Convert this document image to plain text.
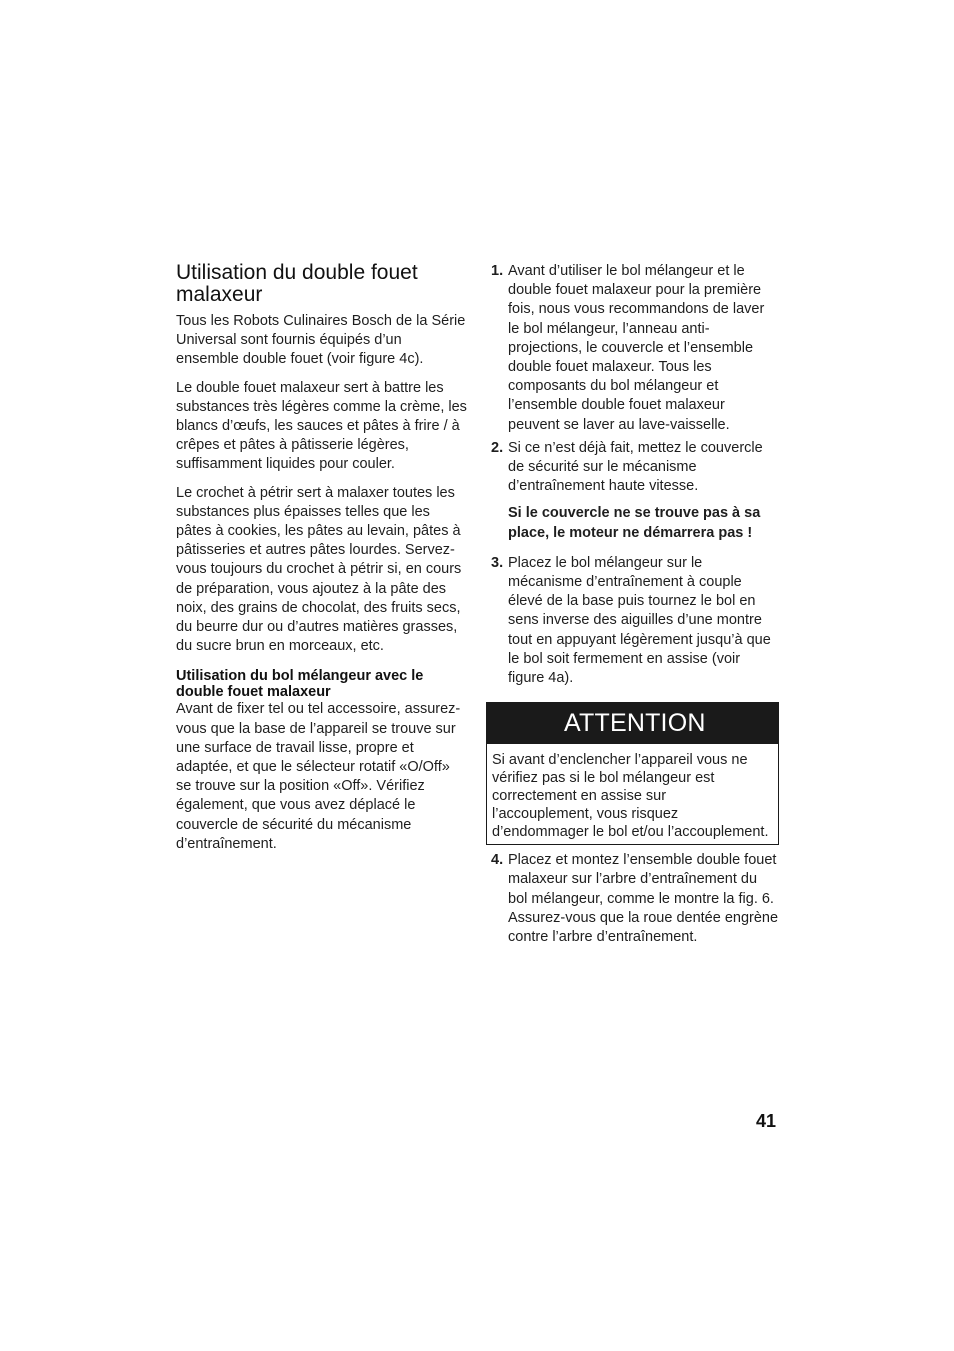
Utilisation du double fouet malaxeur

Tous les Robots Culinaires Bosch de la Série Universal sont fournis équipés d’un ensemble double fouet (voir figure 4c).

Le double fouet malaxeur sert à battre les substances très légères comme la crème, les blancs d’œufs, les sauces et pâtes à frire / à crêpes et pâtes à pâtisserie légères, suffisamment liquides pour couler.

Le crochet à pétrir sert à malaxer toutes les substances plus épaisses telles que les pâtes à cookies, les pâtes au levain, pâtes à pâtisseries et autres pâtes lourdes. Servez-vous toujours du crochet à pétrir si, en cours de préparation, vous ajoutez à la pâte des noix, des grains de chocolat, des fruits secs, du beurre dur ou d’autres matières grasses, du sucre brun en morceaux, etc.

Utilisation du bol mélangeur avec le double fouet malaxeur

Avant de fixer tel ou tel accessoire, assurez-vous que la base de l’appareil se trouve sur une surface de travail lisse, propre et adaptée, et que le sélecteur rotatif «O/Off» se trouve sur la position «Off». Vérifiez également, que vous avez déplacé le couvercle de sécurité du mécanisme d’entraînement.

1. Avant d’utiliser le bol mélangeur et le double fouet malaxeur pour la première fois, nous vous recommandons de laver le bol mélangeur, l’anneau anti-projections, le couvercle et l’ensemble double fouet malaxeur. Tous les composants du bol mélangeur et l’ensemble double fouet malaxeur peuvent se laver au lave-vaisselle.
2. Si ce n’est déjà fait, mettez le couvercle de sécurité sur le mécanisme d’entraînement haute vitesse.
Si le couvercle ne se trouve pas à sa place, le moteur ne démarrera pas !
3. Placez le bol mélangeur sur le mécanisme d’entraînement à couple élevé de la base puis tournez le bol en sens inverse des aiguilles d’une montre tout en appuyant légèrement jusqu’à que le bol soit fermement en assise (voir figure 4a).
ATTENTION
Si avant d’enclencher l’appareil vous ne vérifiez pas si le bol mélangeur est correctement en assise sur l’accouplement, vous risquez d’endommager le bol et/ou l’accouplement.
4. Placez et montez l’ensemble double fouet malaxeur sur l’arbre d’entraînement du bol mélangeur, comme le montre la fig. 6. Assurez-vous que la roue dentée engrène contre l’arbre d’entraînement.
41
